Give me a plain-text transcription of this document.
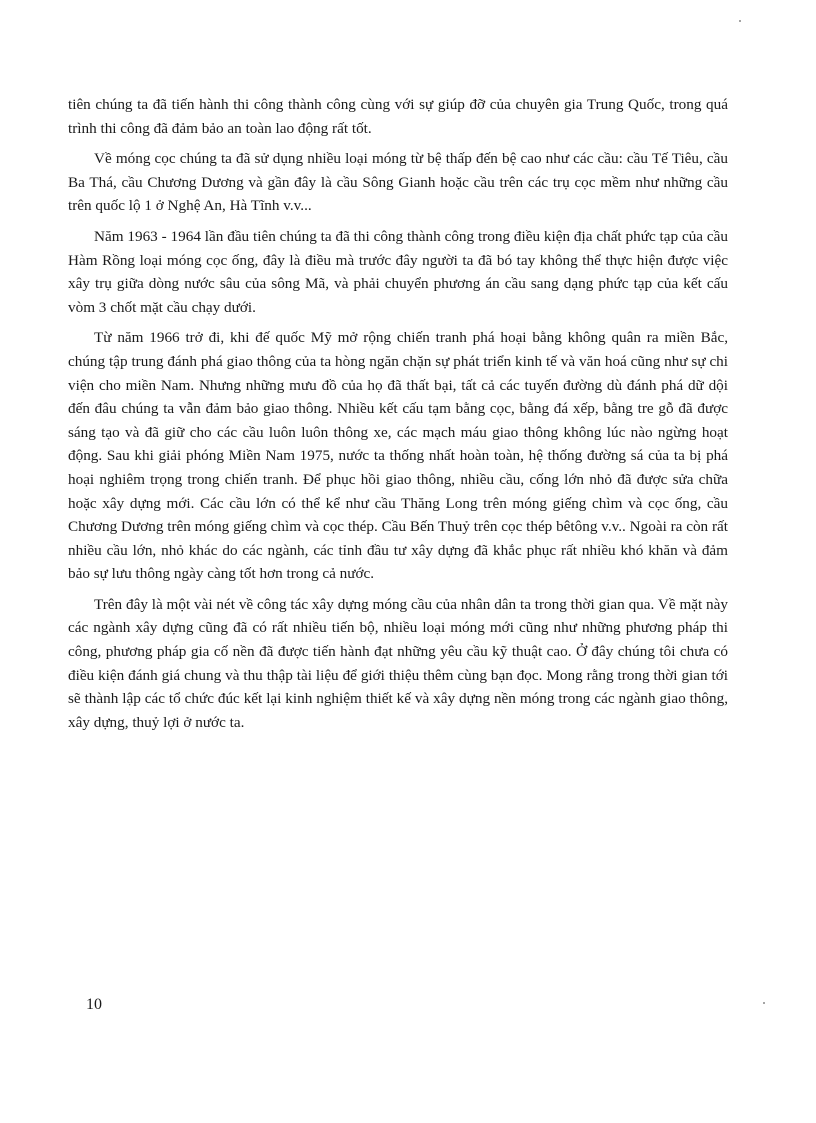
tiên chúng ta đã tiến hành thi công thành công cùng với sự giúp đỡ của chuyên gia Trung Quốc, trong quá trình thi công đã đảm bảo an toàn lao động rất tốt.

Về móng cọc chúng ta đã sử dụng nhiều loại móng từ bệ thấp đến bệ cao như các cầu: cầu Tế Tiêu, cầu Ba Thá, cầu Chương Dương và gần đây là cầu Sông Gianh hoặc cầu trên các trụ cọc mềm như những cầu trên quốc lộ 1 ở Nghệ An, Hà Tĩnh v.v...

Năm 1963 - 1964 lần đầu tiên chúng ta đã thi công thành công trong điều kiện địa chất phức tạp của cầu Hàm Rồng loại móng cọc ống, đây là điều mà trước đây người ta đã bó tay không thể thực hiện được việc xây trụ giữa dòng nước sâu của sông Mã, và phải chuyển phương án cầu sang dạng phức tạp của kết cấu vòm 3 chốt mặt cầu chạy dưới.

Từ năm 1966 trở đi, khi đế quốc Mỹ mở rộng chiến tranh phá hoại bằng không quân ra miền Bắc, chúng tập trung đánh phá giao thông của ta hòng ngăn chặn sự phát triển kinh tế và văn hoá cũng như sự chi viện cho miền Nam. Nhưng những mưu đồ của họ đã thất bại, tất cả các tuyến đường dù đánh phá dữ dội đến đâu chúng ta vẫn đảm bảo giao thông. Nhiều kết cấu tạm bằng cọc, bằng đá xếp, bằng tre gỗ đã được sáng tạo và đã giữ cho các cầu luôn luôn thông xe, các mạch máu giao thông không lúc nào ngừng hoạt động. Sau khi giải phóng Miền Nam 1975, nước ta thống nhất hoàn toàn, hệ thống đường sá của ta bị phá hoại nghiêm trọng trong chiến tranh. Để phục hồi giao thông, nhiều cầu, cống lớn nhỏ đã được sửa chữa hoặc xây dựng mới. Các cầu lớn có thể kể như cầu Thăng Long trên móng giếng chìm và cọc ống, cầu Chương Dương trên móng giếng chìm và cọc thép. Cầu Bến Thuỷ trên cọc thép bêtông v.v.. Ngoài ra còn rất nhiều cầu lớn, nhỏ khác do các ngành, các tỉnh đầu tư xây dựng đã khắc phục rất nhiều khó khăn và đảm bảo sự lưu thông ngày càng tốt hơn trong cả nước.

Trên đây là một vài nét về công tác xây dựng móng cầu của nhân dân ta trong thời gian qua. Về mặt này các ngành xây dựng cũng đã có rất nhiều tiến bộ, nhiều loại móng mới cũng như những phương pháp thi công, phương pháp gia cố nền đã được tiến hành đạt những yêu cầu kỹ thuật cao. Ở đây chúng tôi chưa có điều kiện đánh giá chung và thu thập tài liệu để giới thiệu thêm cùng bạn đọc. Mong rằng trong thời gian tới sẽ thành lập các tổ chức đúc kết lại kinh nghiệm thiết kế và xây dựng nền móng trong các ngành giao thông, xây dựng, thuỷ lợi ở nước ta.

10
